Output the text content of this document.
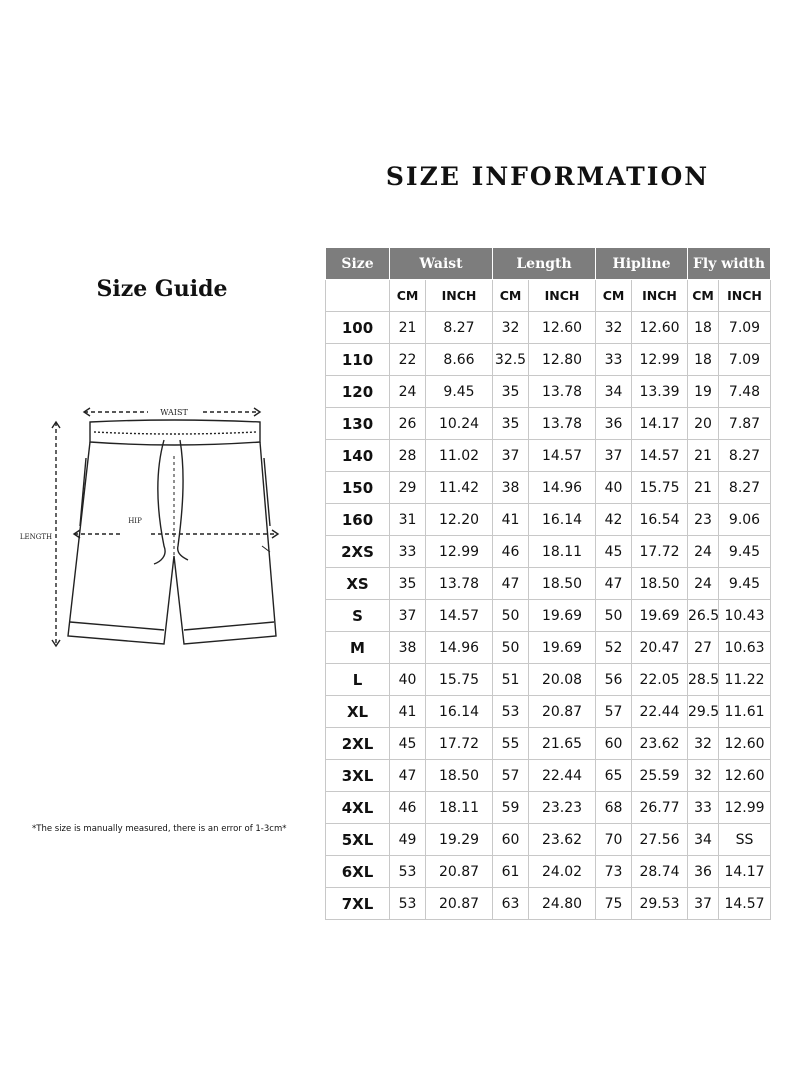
SIZE INFORMATION
Size Guide
WAIST
HIP
LENGTH
*The size is manually measured, there is an error of 1-3cm*
Size	Waist		Length		Hipline		Fly width	
	CM	INCH	CM	INCH	CM	INCH	CM	INCH
100	21	8.27	32	12.60	32	12.60	18	7.09
110	22	8.66	32.5	12.80	33	12.99	18	7.09
120	24	9.45	35	13.78	34	13.39	19	7.48
130	26	10.24	35	13.78	36	14.17	20	7.87
140	28	11.02	37	14.57	37	14.57	21	8.27
150	29	11.42	38	14.96	40	15.75	21	8.27
160	31	12.20	41	16.14	42	16.54	23	9.06
2XS	33	12.99	46	18.11	45	17.72	24	9.45
XS	35	13.78	47	18.50	47	18.50	24	9.45
S	37	14.57	50	19.69	50	19.69	26.5	10.43
M	38	14.96	50	19.69	52	20.47	27	10.63
L	40	15.75	51	20.08	56	22.05	28.5	11.22
XL	41	16.14	53	20.87	57	22.44	29.5	11.61
2XL	45	17.72	55	21.65	60	23.62	32	12.60
3XL	47	18.50	57	22.44	65	25.59	32	12.60
4XL	46	18.11	59	23.23	68	26.77	33	12.99
5XL	49	19.29	60	23.62	70	27.56	34	SS
6XL	53	20.87	61	24.02	73	28.74	36	14.17
7XL	53	20.87	63	24.80	75	29.53	37	14.57
